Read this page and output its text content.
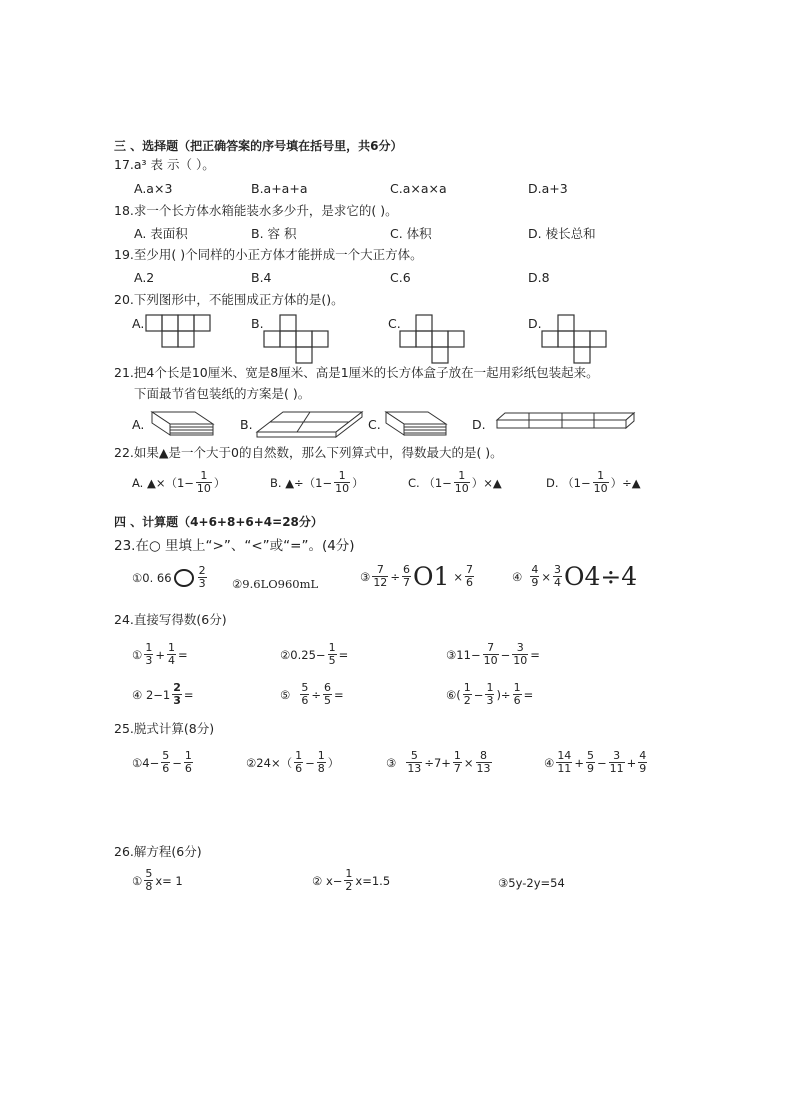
三 、选择题（把正确答案的序号填在括号里，共6分）
17.a³ 表 示（ ）。
A.a×3	B.a+a+a	C.a×a×a	D.a+3
18.求一个长方体水箱能装水多少升，是求它的( )。
A. 表面积	B. 容 积	C. 体积	D. 棱长总和
19.至少用( )个同样的小正方体才能拼成一个大正方体。
A.2	B.4	C.6	D.8
20.下列图形中，不能围成正方体的是()。
A.	B.	C.	D.
21.把4个长是10厘米、宽是8厘米、高是1厘米的长方体盒子放在一起用彩纸包装起来。
下面最节省包装纸的方案是( )。
A.	B.	C.	D.
22.如果▲是一个大于0的自然数，那么下列算式中，得数最大的是( )。
A. ▲×（1− $\frac{1}{10}$ ）	B. ▲÷（1− $\frac{1}{10}$ ）	C. （$1- \frac{1}{10}$ ）×▲	D. （$1- \frac{1}{10}$ ）÷▲
四 、计算题（4+6+8+6+4=28分）
23.在○ 里填上“>”、“<”或“=”。(4分)
①0. $66 \frac{2}{3}$ ②9.6LO960mL
③ $\frac{7}{12} \div \frac{6}{7} O1 \times \frac{7}{6}$	④ $\frac{4}{9} \times \frac{3}{4} O4\div 4$
24.直接写得数(6分)
① $\frac{1}{3} + \frac{1}{4}$ =	②0.25− $\frac{1}{5}$ =	③11− $\frac{7}{10} - \frac{3}{10}$ =
④ $2-1 \frac{2}{3}$ =	⑤ $\frac{5}{6} \div \frac{6}{5}$ =	⑥( $\frac{1}{2} - \frac{1}{3}$ )÷ $\frac{1}{6}$ =
25.脱式计算(8分)
①4− $\frac{5}{6} - \frac{1}{6}$	②24×（ $\frac{1}{6} - \frac{1}{8}$ ）	③ $\frac{5}{13} \div 7+ \frac{1}{7} \times \frac{8}{13}$	④ $\frac{14}{11} + \frac{5}{9} - \frac{3}{11} + \frac{4}{9}$
26.解方程(6分)
① $\frac{5}{8} x= 1$	② $x- \frac{1}{2} x=1.5$	③5y-2y=54
